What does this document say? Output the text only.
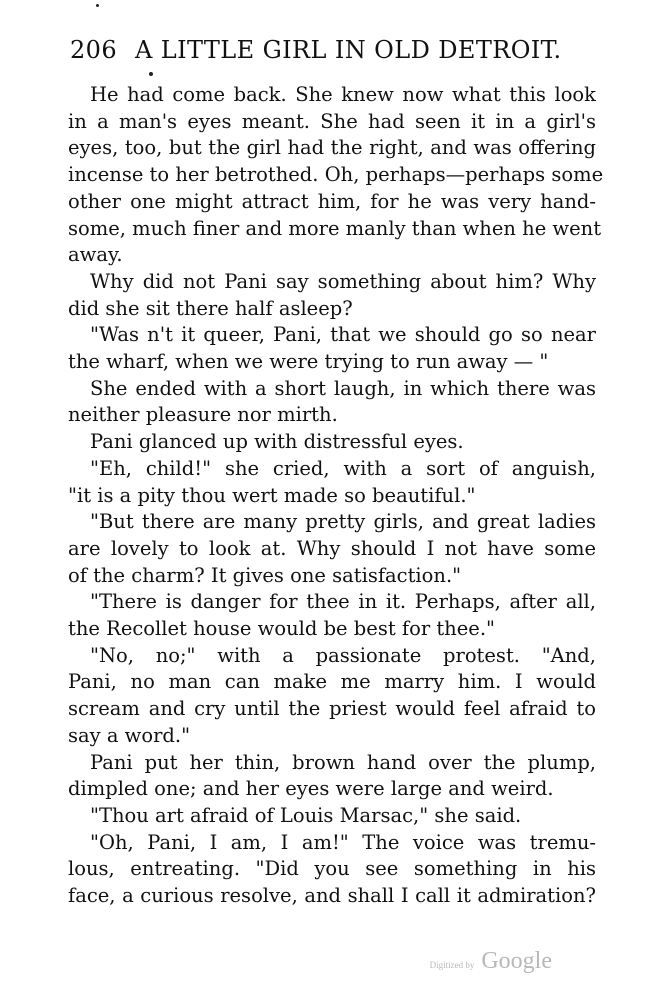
206 A LITTLE GIRL IN OLD DETROIT.
He had come back. She knew now what this look
in a man's eyes meant. She had seen it in a girl's
eyes, too, but the girl had the right, and was offering
incense to her betrothed. Oh, perhaps—perhaps some
other one might attract him, for he was very hand-
some, much finer and more manly than when he went
away.
Why did not Pani say something about him? Why
did she sit there half asleep?
"Was n't it queer, Pani, that we should go so near
the wharf, when we were trying to run away — "
She ended with a short laugh, in which there was
neither pleasure nor mirth.
Pani glanced up with distressful eyes.
"Eh, child!" she cried, with a sort of anguish,
"it is a pity thou wert made so beautiful."
"But there are many pretty girls, and great ladies
are lovely to look at. Why should I not have some
of the charm? It gives one satisfaction."
"There is danger for thee in it. Perhaps, after all,
the Recollet house would be best for thee."
"No, no;" with a passionate protest. "And,
Pani, no man can make me marry him. I would
scream and cry until the priest would feel afraid to
say a word."
Pani put her thin, brown hand over the plump,
dimpled one; and her eyes were large and weird.
"Thou art afraid of Louis Marsac," she said.
"Oh, Pani, I am, I am!" The voice was tremu-
lous, entreating. "Did you see something in his
face, a curious resolve, and shall I call it admiration?
Digitized by Google
